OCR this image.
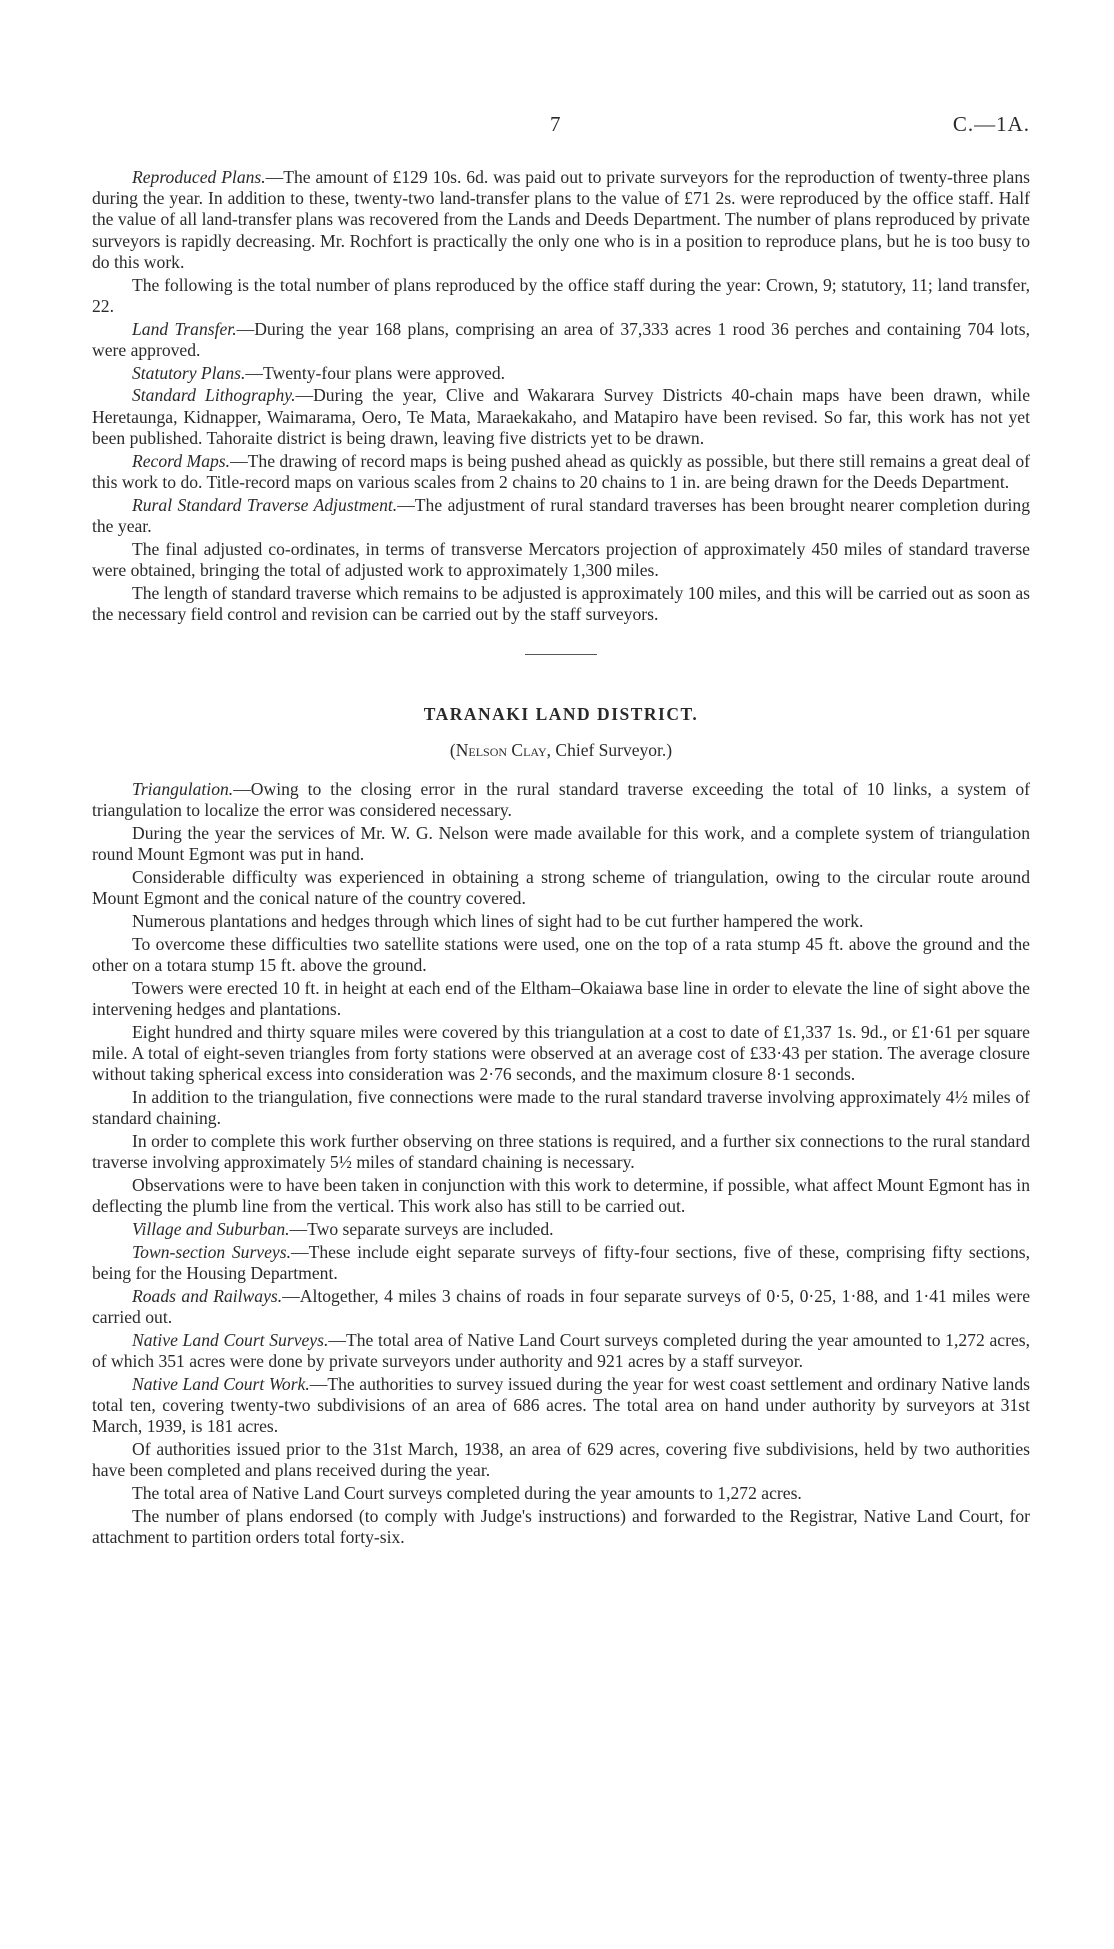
7	C.—1A.

Reproduced Plans.—The amount of £129 10s. 6d. was paid out to private surveyors for the reproduction of twenty-three plans during the year. In addition to these, twenty-two land-transfer plans to the value of £71 2s. were reproduced by the office staff. Half the value of all land-transfer plans was recovered from the Lands and Deeds Department. The number of plans reproduced by private surveyors is rapidly decreasing. Mr. Rochfort is practically the only one who is in a position to reproduce plans, but he is too busy to do this work.

The following is the total number of plans reproduced by the office staff during the year: Crown, 9; statutory, 11; land transfer, 22.

Land Transfer.—During the year 168 plans, comprising an area of 37,333 acres 1 rood 36 perches and containing 704 lots, were approved.

Statutory Plans.—Twenty-four plans were approved.

Standard Lithography.—During the year, Clive and Wakarara Survey Districts 40-chain maps have been drawn, while Heretaunga, Kidnapper, Waimarama, Oero, Te Mata, Maraekakaho, and Matapiro have been revised. So far, this work has not yet been published. Tahoraite district is being drawn, leaving five districts yet to be drawn.

Record Maps.—The drawing of record maps is being pushed ahead as quickly as possible, but there still remains a great deal of this work to do. Title-record maps on various scales from 2 chains to 20 chains to 1 in. are being drawn for the Deeds Department.

Rural Standard Traverse Adjustment.—The adjustment of rural standard traverses has been brought nearer completion during the year.

The final adjusted co-ordinates, in terms of transverse Mercators projection of approximately 450 miles of standard traverse were obtained, bringing the total of adjusted work to approximately 1,300 miles.

The length of standard traverse which remains to be adjusted is approximately 100 miles, and this will be carried out as soon as the necessary field control and revision can be carried out by the staff surveyors.

TARANAKI LAND DISTRICT.

(Nelson Clay, Chief Surveyor.)

Triangulation.—Owing to the closing error in the rural standard traverse exceeding the total of 10 links, a system of triangulation to localize the error was considered necessary.

During the year the services of Mr. W. G. Nelson were made available for this work, and a complete system of triangulation round Mount Egmont was put in hand.

Considerable difficulty was experienced in obtaining a strong scheme of triangulation, owing to the circular route around Mount Egmont and the conical nature of the country covered.

Numerous plantations and hedges through which lines of sight had to be cut further hampered the work.

To overcome these difficulties two satellite stations were used, one on the top of a rata stump 45 ft. above the ground and the other on a totara stump 15 ft. above the ground.

Towers were erected 10 ft. in height at each end of the Eltham–Okaiawa base line in order to elevate the line of sight above the intervening hedges and plantations.

Eight hundred and thirty square miles were covered by this triangulation at a cost to date of £1,337 1s. 9d., or £1·61 per square mile. A total of eight-seven triangles from forty stations were observed at an average cost of £33·43 per station. The average closure without taking spherical excess into consideration was 2·76 seconds, and the maximum closure 8·1 seconds.

In addition to the triangulation, five connections were made to the rural standard traverse involving approximately 4½ miles of standard chaining.

In order to complete this work further observing on three stations is required, and a further six connections to the rural standard traverse involving approximately 5½ miles of standard chaining is necessary.

Observations were to have been taken in conjunction with this work to determine, if possible, what affect Mount Egmont has in deflecting the plumb line from the vertical. This work also has still to be carried out.

Village and Suburban.—Two separate surveys are included.

Town-section Surveys.—These include eight separate surveys of fifty-four sections, five of these, comprising fifty sections, being for the Housing Department.

Roads and Railways.—Altogether, 4 miles 3 chains of roads in four separate surveys of 0·5, 0·25, 1·88, and 1·41 miles were carried out.

Native Land Court Surveys.—The total area of Native Land Court surveys completed during the year amounted to 1,272 acres, of which 351 acres were done by private surveyors under authority and 921 acres by a staff surveyor.

Native Land Court Work.—The authorities to survey issued during the year for west coast settlement and ordinary Native lands total ten, covering twenty-two subdivisions of an area of 686 acres. The total area on hand under authority by surveyors at 31st March, 1939, is 181 acres.

Of authorities issued prior to the 31st March, 1938, an area of 629 acres, covering five subdivisions, held by two authorities have been completed and plans received during the year.

The total area of Native Land Court surveys completed during the year amounts to 1,272 acres.

The number of plans endorsed (to comply with Judge's instructions) and forwarded to the Registrar, Native Land Court, for attachment to partition orders total forty-six.
